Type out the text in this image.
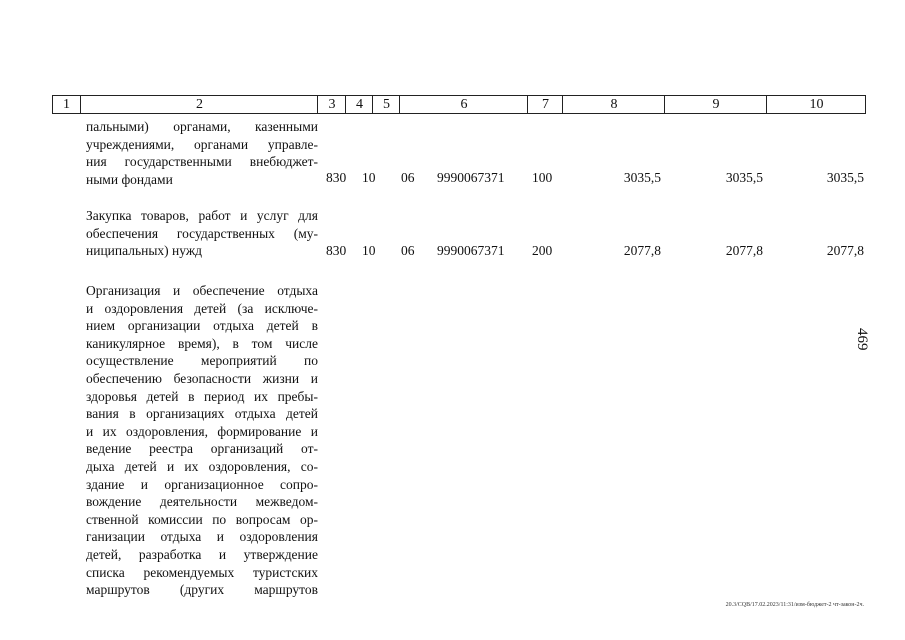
1	2	3	4	5	6	7	8	9	10
пальными) органами, казенными
учреждениями, органами управле-
ния государственными внебюджет-
ными фондами	830 10 06 9990067371 100	3035,5	3035,5	3035,5
Закупка товаров, работ и услуг для
обеспечения государственных (му-
ниципальных) нужд	830 10 06 9990067371 200	2077,8	2077,8	2077,8
Организация и обеспечение отдыха
и оздоровления детей (за исключе-
нием организации отдыха детей в
каникулярное время), в том числе
осуществление мероприятий по
обеспечению безопасности жизни и
здоровья детей в период их пребы-
вания в организациях отдыха детей
и их оздоровления, формирование и
ведение реестра организаций от-
дыха детей и их оздоровления, со-
здание и организационное сопро-
вождение деятельности межведом-
ственной комиссии по вопросам ор-
ганизации отдыха и оздоровления
детей, разработка и утверждение
списка рекомендуемых туристских
маршрутов (других маршрутов
469
20.3/СQВ/17.02.2023/11:31/изм-бюджет-2 чт-закон-2ч.
